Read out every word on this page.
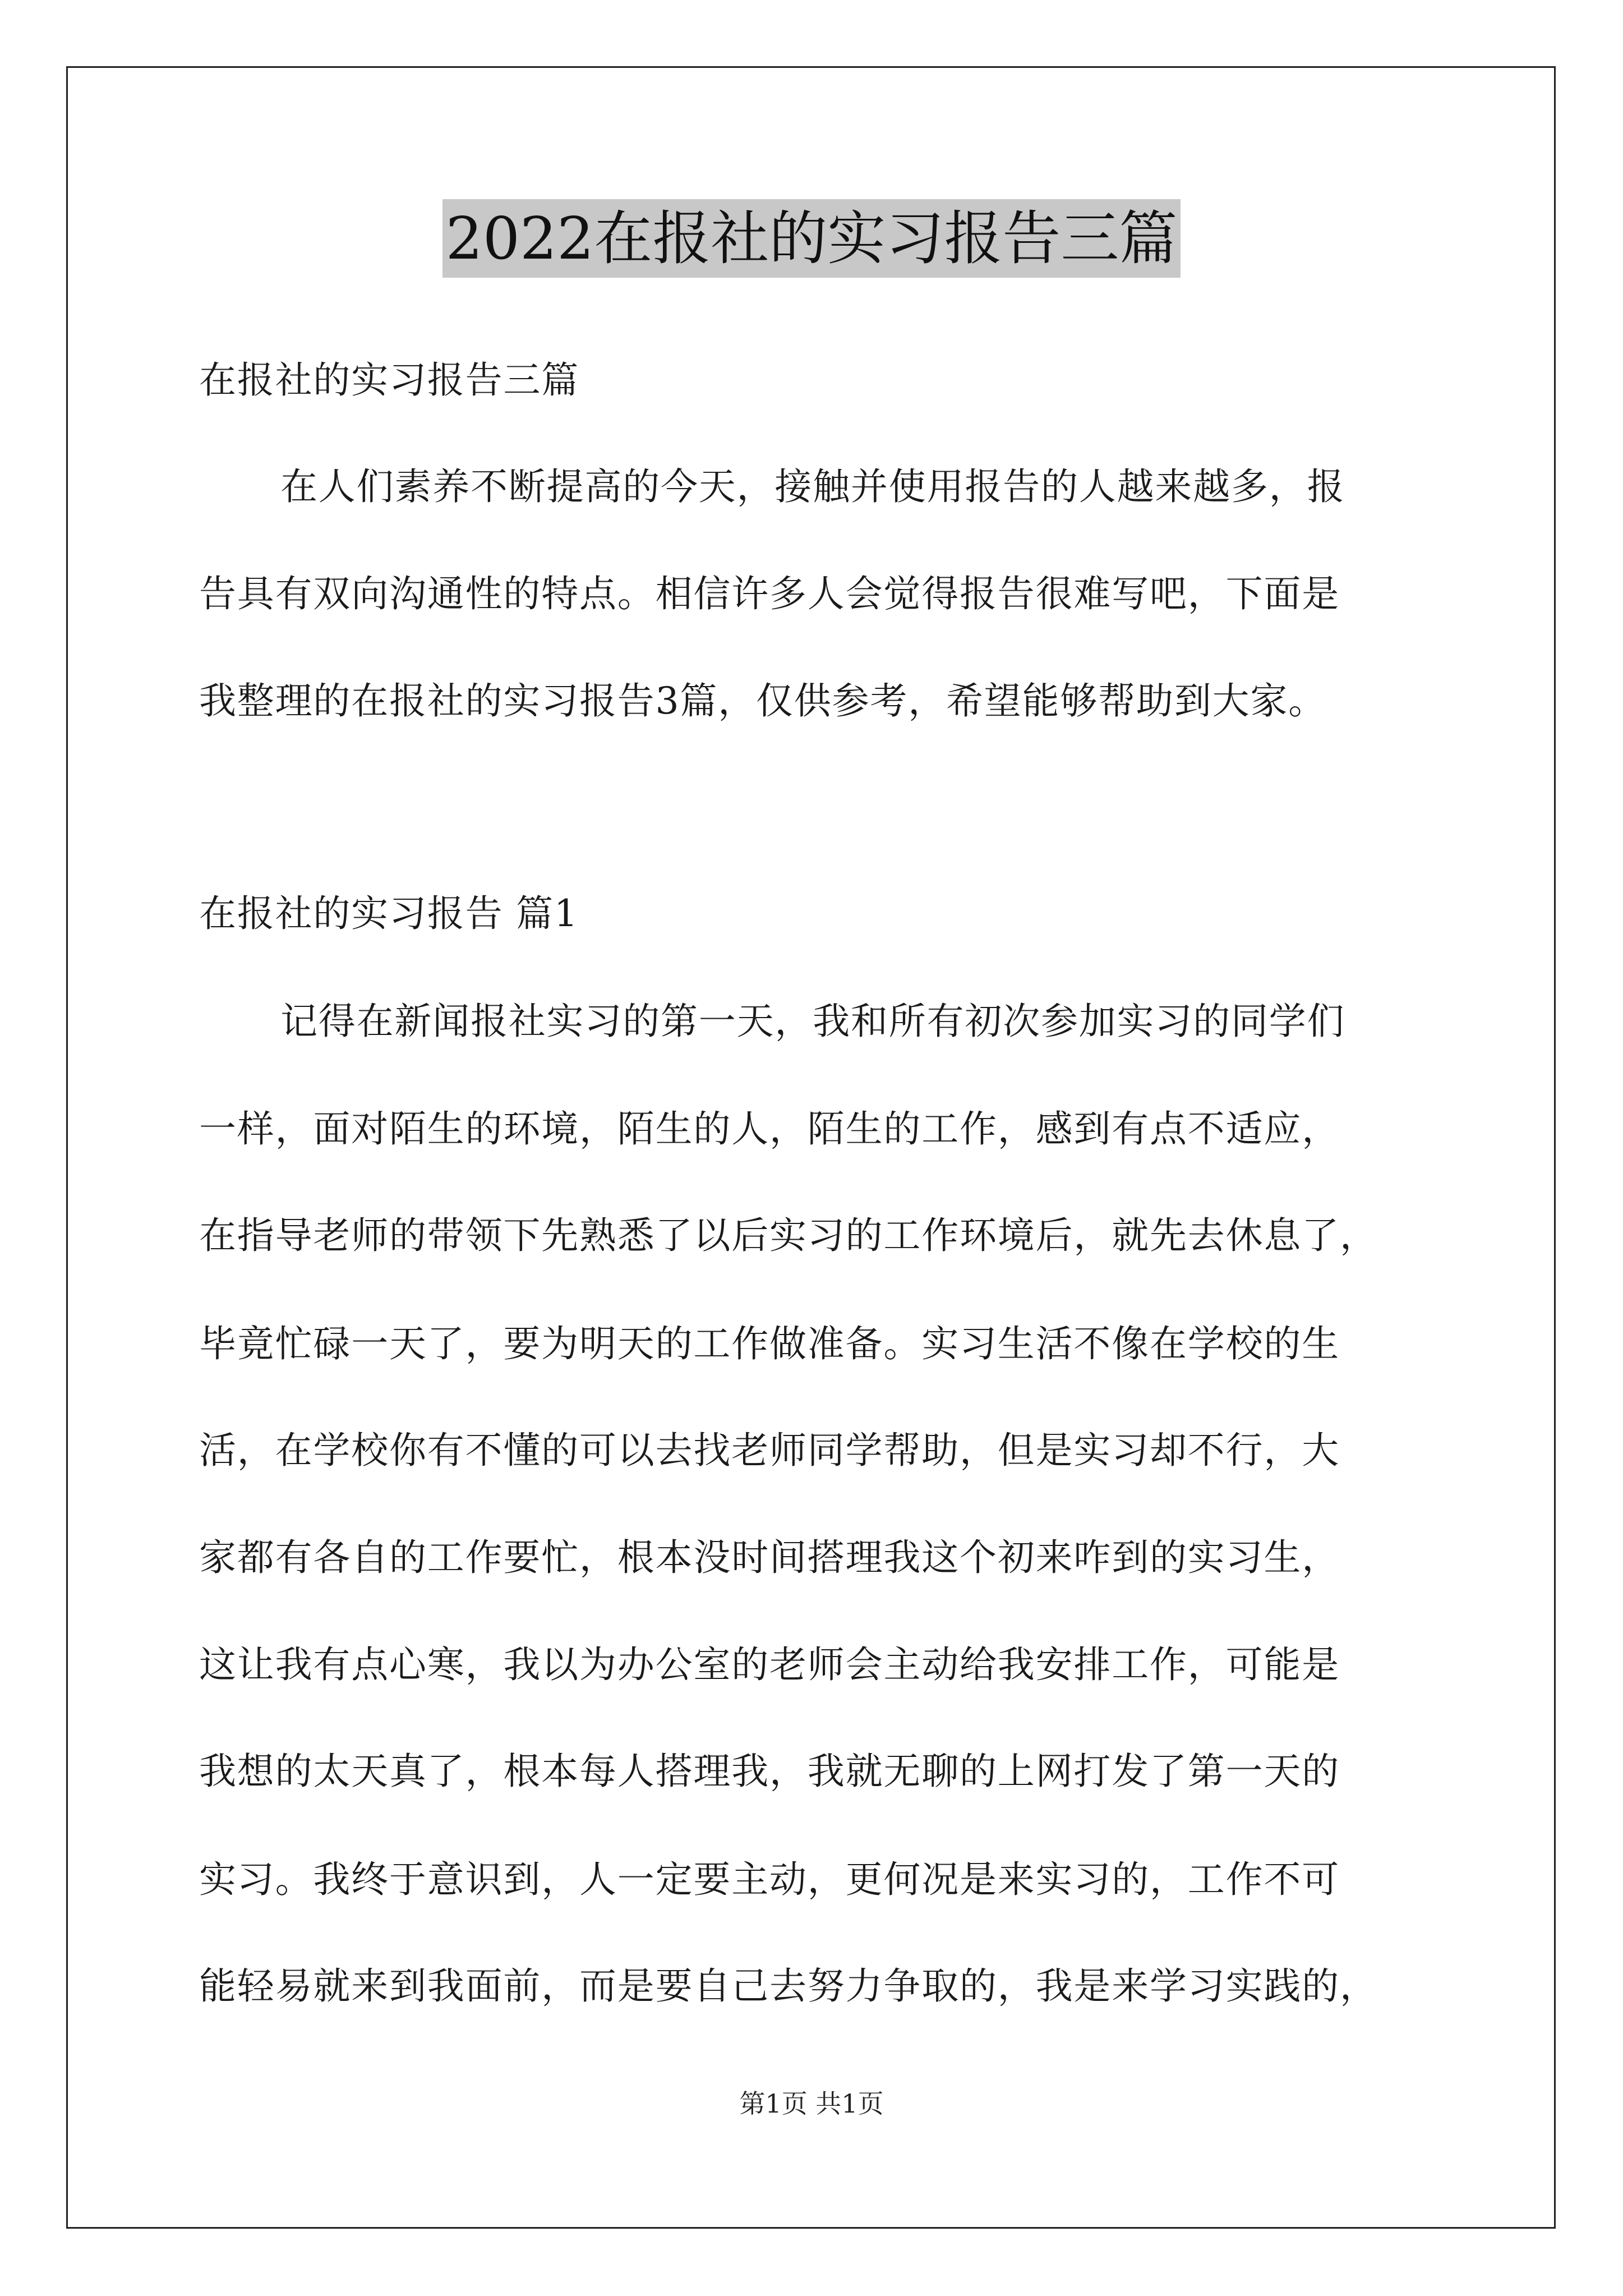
2022在报社的实习报告三篇
在报社的实习报告三篇
在人们素养不断提高的今天，接触并使用报告的人越来越多，报
告具有双向沟通性的特点。相信许多人会觉得报告很难写吧，下面是
我整理的在报社的实习报告3篇，仅供参考，希望能够帮助到大家。
在报社的实习报告 篇1
记得在新闻报社实习的第一天，我和所有初次参加实习的同学们
一样，面对陌生的环境，陌生的人，陌生的工作，感到有点不适应，
在指导老师的带领下先熟悉了以后实习的工作环境后，就先去休息了，
毕竟忙碌一天了，要为明天的工作做准备。实习生活不像在学校的生
活，在学校你有不懂的可以去找老师同学帮助，但是实习却不行，大
家都有各自的工作要忙，根本没时间搭理我这个初来咋到的实习生，
这让我有点心寒，我以为办公室的老师会主动给我安排工作，可能是
我想的太天真了，根本每人搭理我，我就无聊的上网打发了第一天的
实习。我终于意识到，人一定要主动，更何况是来实习的，工作不可
能轻易就来到我面前，而是要自己去努力争取的，我是来学习实践的，
第1页 共1页
